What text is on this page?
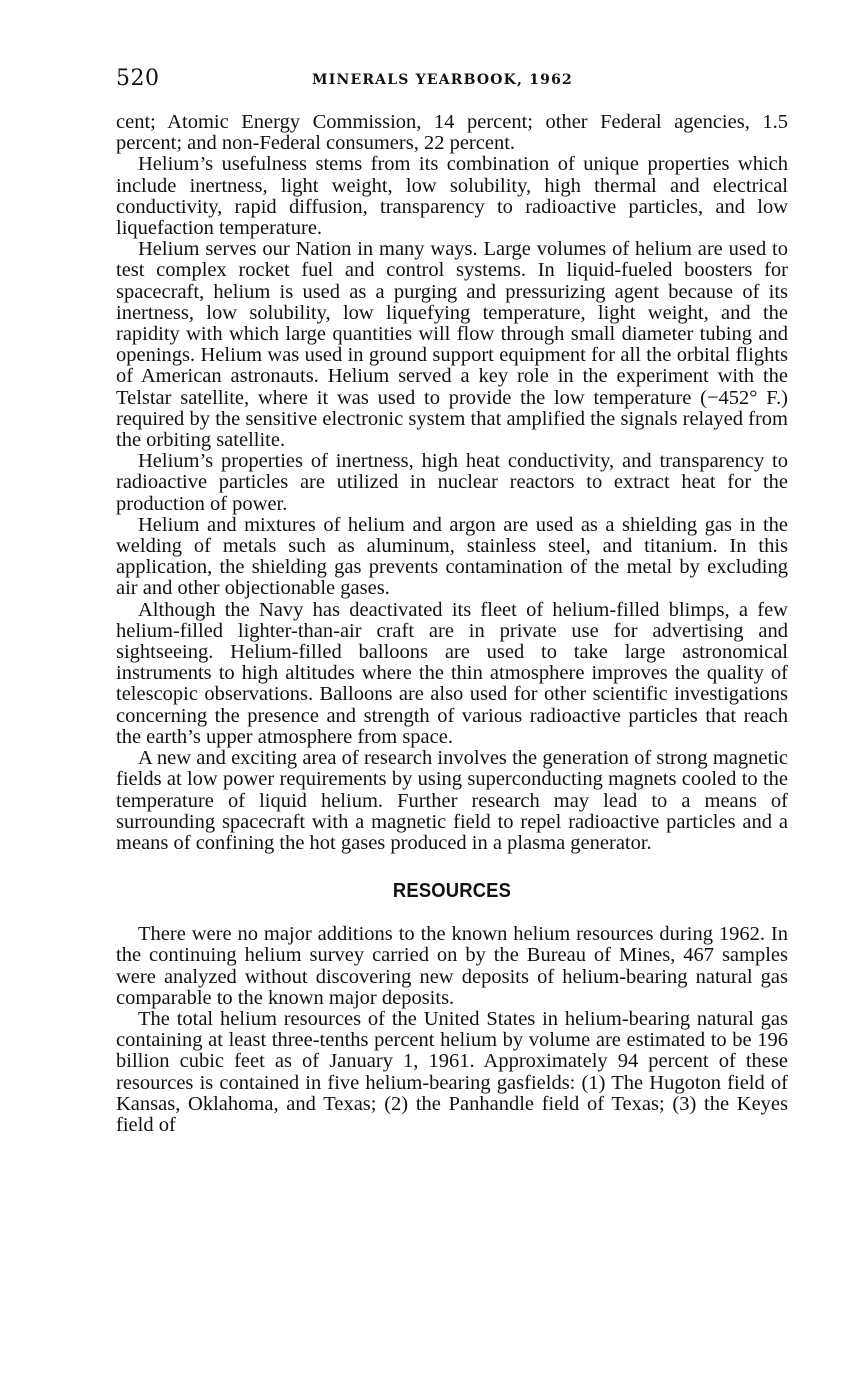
520	MINERALS YEARBOOK, 1962

cent; Atomic Energy Commission, 14 percent; other Federal agencies, 1.5 percent; and non-Federal consumers, 22 percent.

Helium’s usefulness stems from its combination of unique properties which include inertness, light weight, low solubility, high thermal and electrical conductivity, rapid diffusion, transparency to radioactive particles, and low liquefaction temperature.

Helium serves our Nation in many ways. Large volumes of helium are used to test complex rocket fuel and control systems. In liquid-fueled boosters for spacecraft, helium is used as a purging and pressurizing agent because of its inertness, low solubility, low liquefying temperature, light weight, and the rapidity with which large quantities will flow through small diameter tubing and openings. Helium was used in ground support equipment for all the orbital flights of American astronauts. Helium served a key role in the experiment with the Telstar satellite, where it was used to provide the low temperature (−452° F.) required by the sensitive electronic system that amplified the signals relayed from the orbiting satellite.

Helium’s properties of inertness, high heat conductivity, and transparency to radioactive particles are utilized in nuclear reactors to extract heat for the production of power.

Helium and mixtures of helium and argon are used as a shielding gas in the welding of metals such as aluminum, stainless steel, and titanium. In this application, the shielding gas prevents contamination of the metal by excluding air and other objectionable gases.

Although the Navy has deactivated its fleet of helium-filled blimps, a few helium-filled lighter-than-air craft are in private use for advertising and sightseeing. Helium-filled balloons are used to take large astronomical instruments to high altitudes where the thin atmosphere improves the quality of telescopic observations. Balloons are also used for other scientific investigations concerning the presence and strength of various radioactive particles that reach the earth’s upper atmosphere from space.

A new and exciting area of research involves the generation of strong magnetic fields at low power requirements by using superconducting magnets cooled to the temperature of liquid helium. Further research may lead to a means of surrounding spacecraft with a magnetic field to repel radioactive particles and a means of confining the hot gases produced in a plasma generator.

RESOURCES

There were no major additions to the known helium resources during 1962. In the continuing helium survey carried on by the Bureau of Mines, 467 samples were analyzed without discovering new deposits of helium-bearing natural gas comparable to the known major deposits.

The total helium resources of the United States in helium-bearing natural gas containing at least three-tenths percent helium by volume are estimated to be 196 billion cubic feet as of January 1, 1961. Approximately 94 percent of these resources is contained in five helium-bearing gasfields: (1) The Hugoton field of Kansas, Oklahoma, and Texas; (2) the Panhandle field of Texas; (3) the Keyes field of
